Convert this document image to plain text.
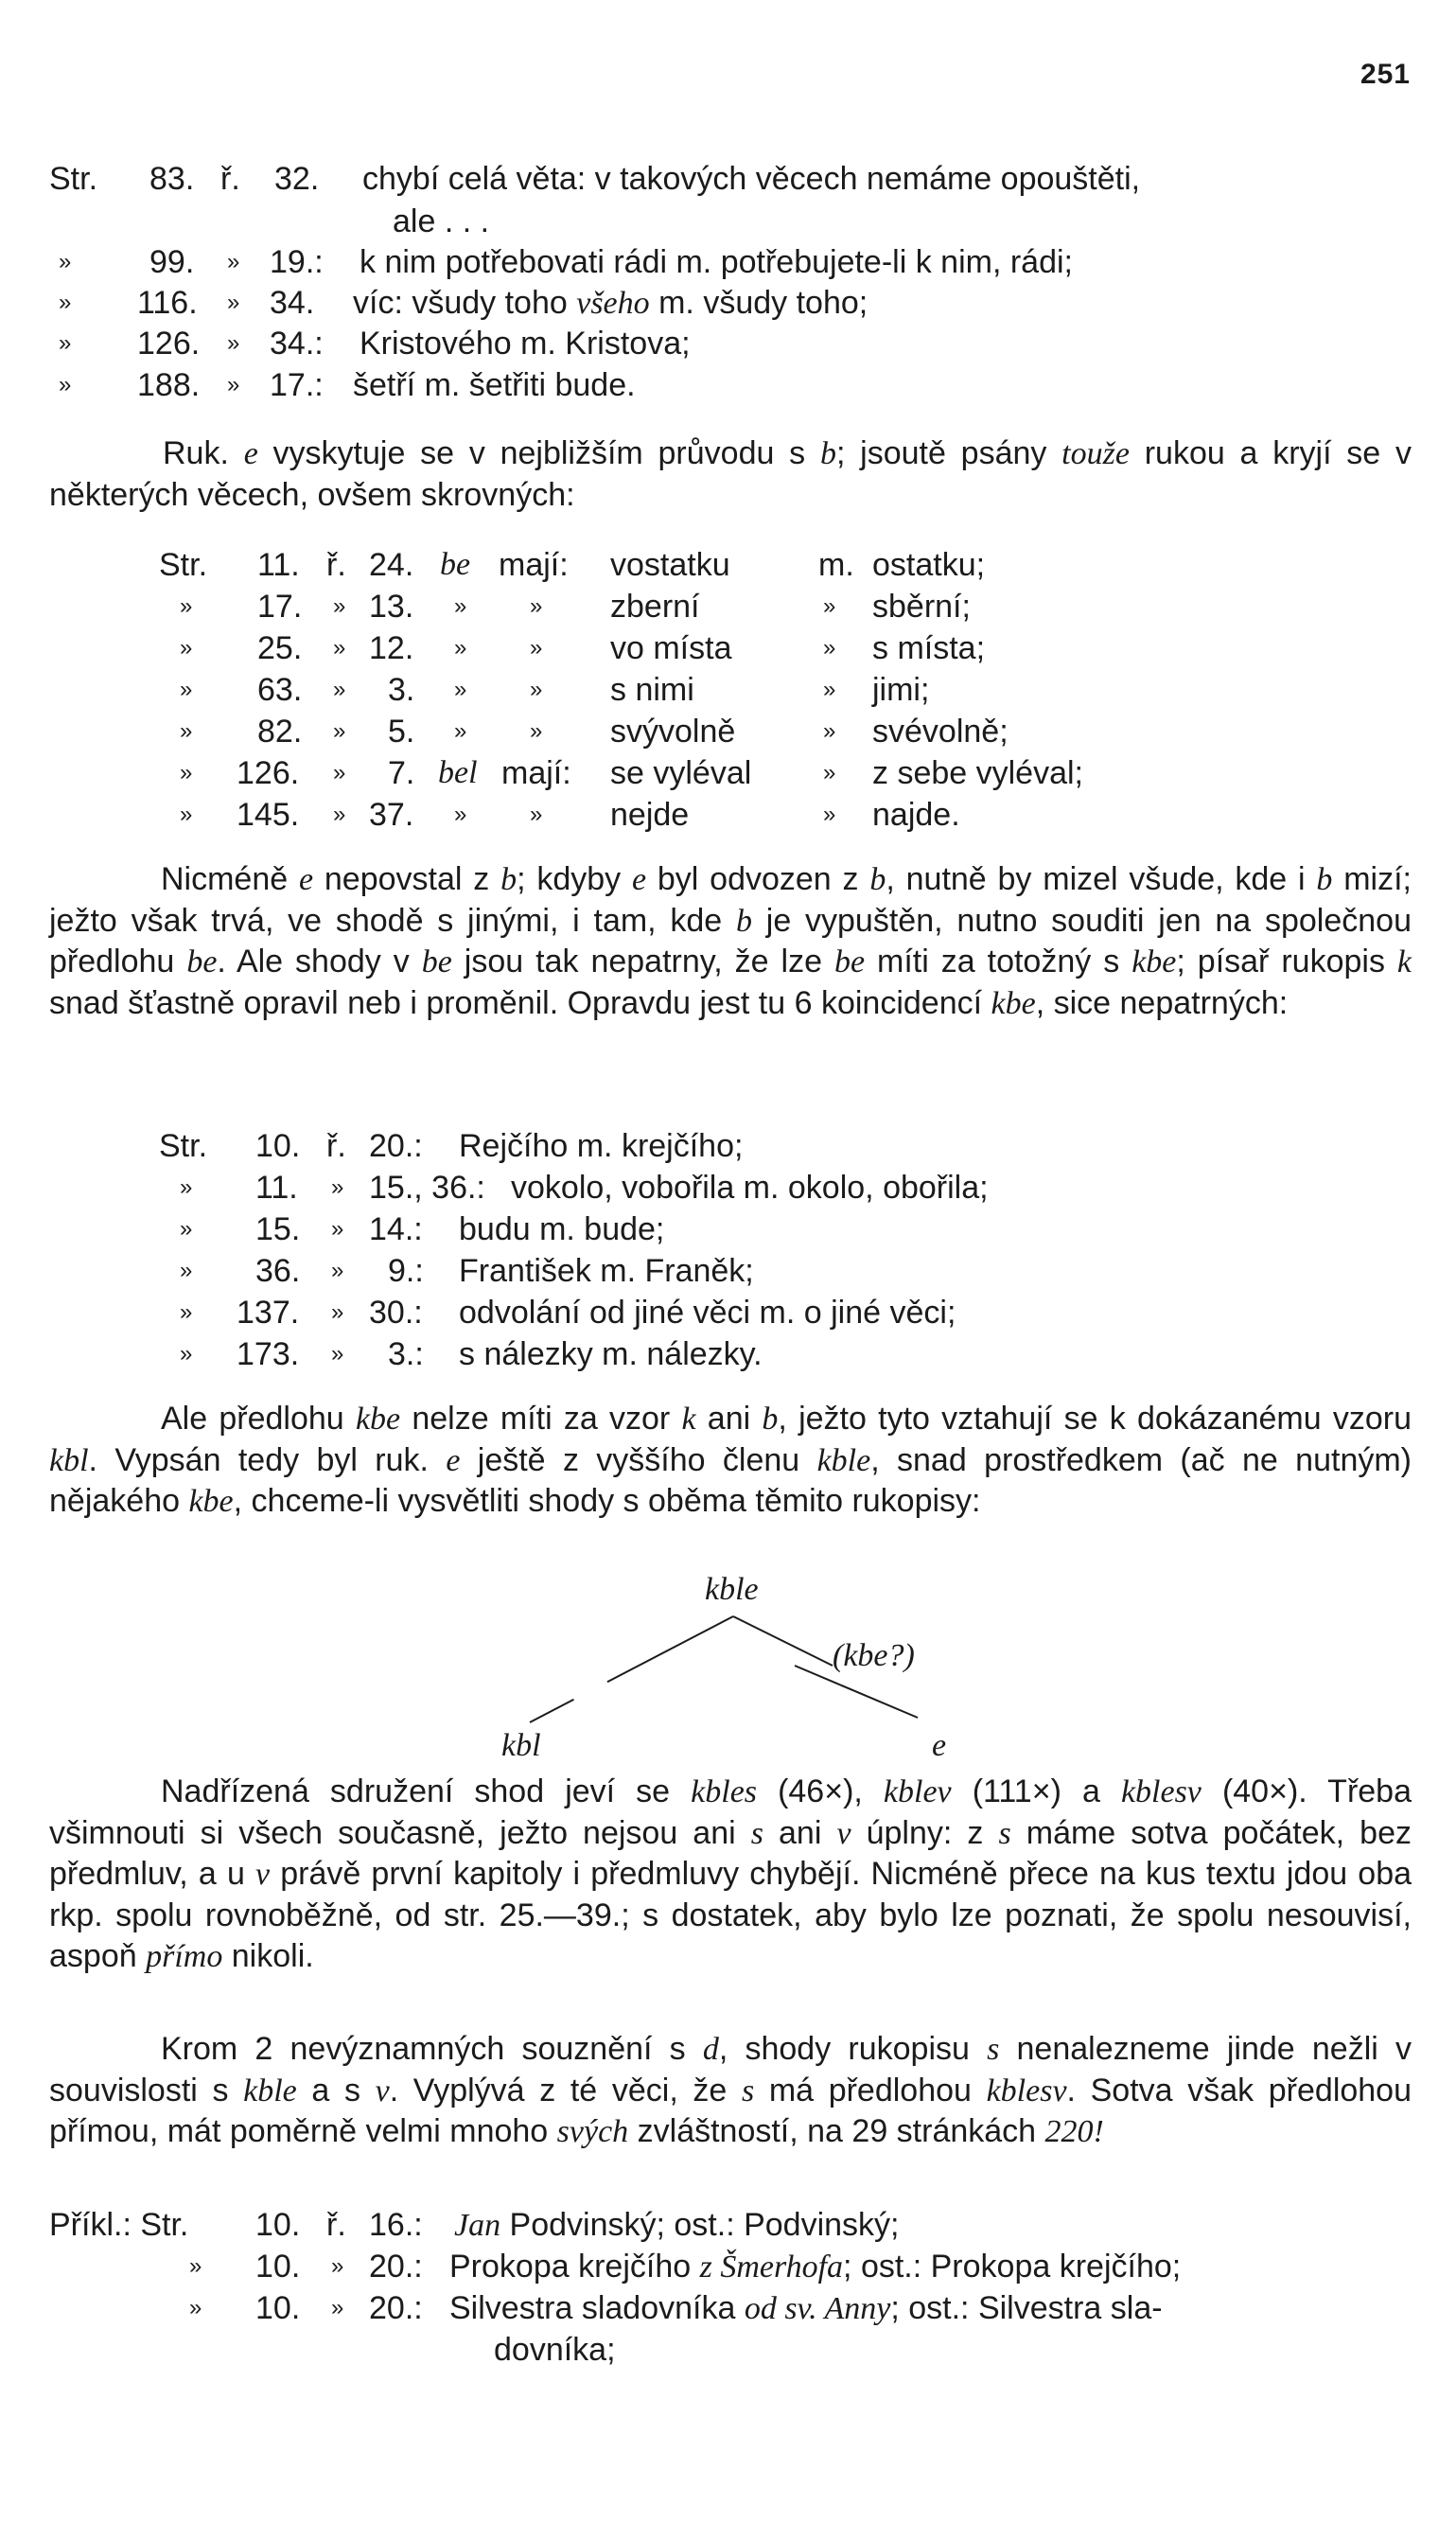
251
Str. 83. ř. 32. chybí celá věta: v takových věcech nemáme opouštěti,
ale . . .
» 99. » 19.: k nim potřebovati rádi m. potřebujete-li k nim, rádi;
» 116. » 34. víc: všudy toho všeho m. všudy toho;
» 126. » 34.: Kristového m. Kristova;
» 188. » 17.: šetří m. šetřiti bude.
Ruk. e vyskytuje se v nejbližším průvodu s b; jsoutě psány touže rukou a kryjí se v některých věcech, ovšem skrovných:
Str. 11. ř. 24. be mají: vostatku	m. ostatku;
» 17. » 13. »	» zberní	» sběrní;
» 25. » 12. »	» vo místa	» s místa;
» 63. » 3. »	» s nimi	» jimi;
» 82. » 5. »	» svývolně	» svévolně;
» 126. » 7. bel mají: se vyléval	» z sebe vyléval;
» 145. » 37. »	» nejde	» najde.
Nicméně e nepovstal z b; kdyby e byl odvozen z b, nutně by mizel všude, kde i b mizí; ježto však trvá, ve shodě s jinými, i tam, kde b je vypuštěn, nutno souditi jen na společnou předlohu be. Ale shody v be jsou tak nepatrny, že lze be míti za totožný s kbe; písař rukopis k snad šťastně opravil neb i proměnil. Opravdu jest tu 6 koincidencí kbe, sice nepatrných:
Str. 10. ř. 20.: Rejčího m. krejčího;
» 11. » 15., 36.: vokolo, vobořila m. okolo, obořila;
» 15. » 14.: budu m. bude;
» 36. » 9.: František m. Franěk;
» 137. » 30.: odvolání od jiné věci m. o jiné věci;
» 173. » 3.: s nálezky m. nálezky.
Ale předlohu kbe nelze míti za vzor k ani b, ježto tyto vztahují se k dokázanému vzoru kbl. Vypsán tedy byl ruk. e ještě z vyššího členu kble, snad prostředkem (ač ne nutným) nějakého kbe, chceme-li vysvětliti shody s oběma těmito rukopisy:
kble
(kbe?)
kbl	e
Nadřízená sdružení shod jeví se kbles (46×), kblev (111×) a kblesv (40×). Třeba všimnouti si všech současně, ježto nejsou ani s ani v úplny: z s máme sotva počátek, bez předmluv, a u v právě první kapitoly i předmluvy chybějí. Nicméně přece na kus textu jdou oba rkp. spolu rovnoběžně, od str. 25.—39.; s dostatek, aby bylo lze poznati, že spolu nesouvisí, aspoň přímo nikoli.
Krom 2 nevýznamných souznění s d, shody rukopisu s nenalezneme jinde nežli v souvislosti s kble a s v. Vyplývá z té věci, že s má předlohou kblesv. Sotva však předlohou přímou, mát poměrně velmi mnoho svých zvláštností, na 29 stránkách 220!
Příkl.: Str. 10. ř. 16.: Jan Podvinský; ost.: Podvinský;
» 10. » 20.: Prokopa krejčího z Šmerhofa; ost.: Prokopa krejčího;
» 10. » 20.: Silvestra sladovníka od sv. Anny; ost.: Silvestra sla-
dovníka;
